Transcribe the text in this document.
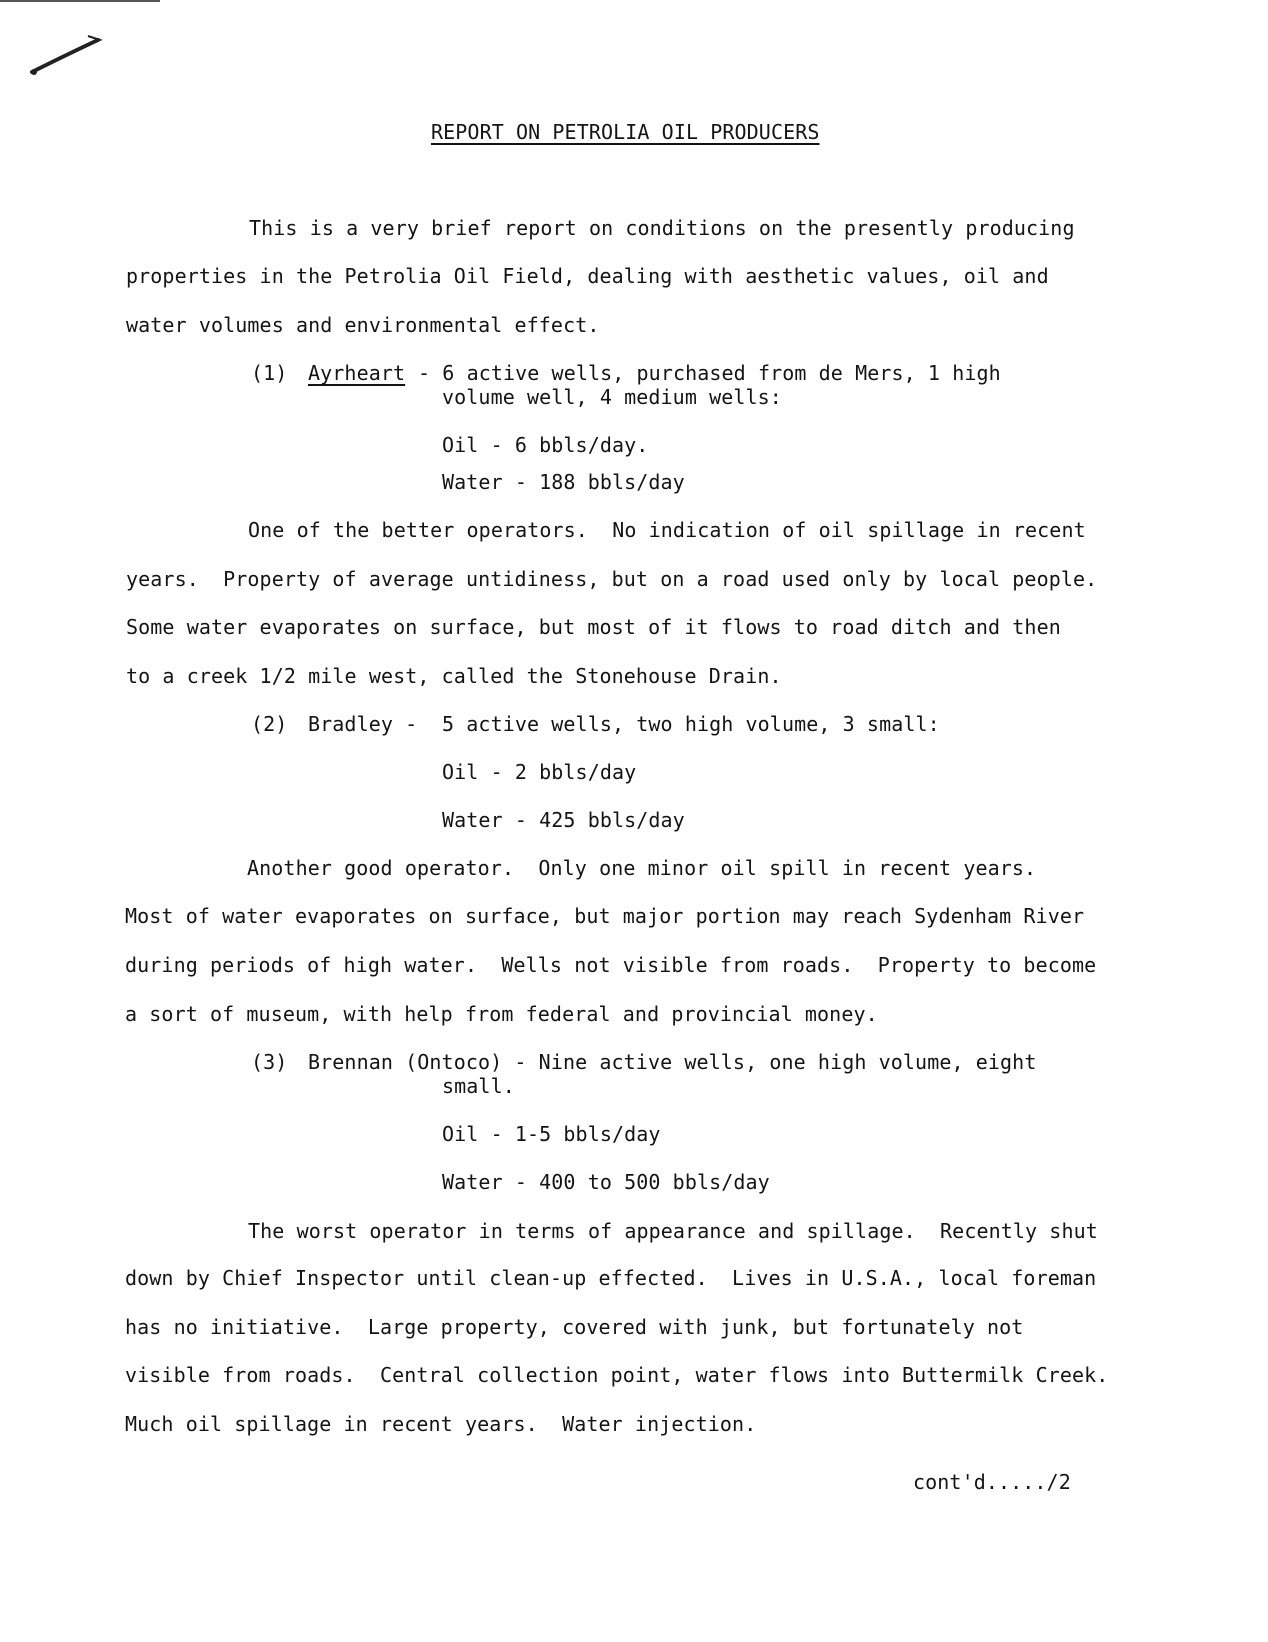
REPORT ON PETROLIA OIL PRODUCERS
This is a very brief report on conditions on the presently producing
properties in the Petrolia Oil Field, dealing with aesthetic values, oil and
water volumes and environmental effect.
(1) Ayrheart - 6 active wells, purchased from de Mers, 1 high
volume well, 4 medium wells:
Oil - 6 bbls/day.
Water - 188 bbls/day
One of the better operators.  No indication of oil spillage in recent
years.  Property of average untidiness, but on a road used only by local people.
Some water evaporates on surface, but most of it flows to road ditch and then
to a creek 1/2 mile west, called the Stonehouse Drain.
(2) Bradley - 5 active wells, two high volume, 3 small:
Oil - 2 bbls/day
Water - 425 bbls/day
Another good operator.  Only one minor oil spill in recent years.
Most of water evaporates on surface, but major portion may reach Sydenham River
during periods of high water.  Wells not visible from roads.  Property to become
a sort of museum, with help from federal and provincial money.
(3) Brennan (Ontoco) - Nine active wells, one high volume, eight
small.
Oil - 1-5 bbls/day
Water - 400 to 500 bbls/day
The worst operator in terms of appearance and spillage.  Recently shut
down by Chief Inspector until clean-up effected.  Lives in U.S.A., local foreman
has no initiative.  Large property, covered with junk, but fortunately not
visible from roads.  Central collection point, water flows into Buttermilk Creek.
Much oil spillage in recent years.  Water injection.
cont'd...../2
